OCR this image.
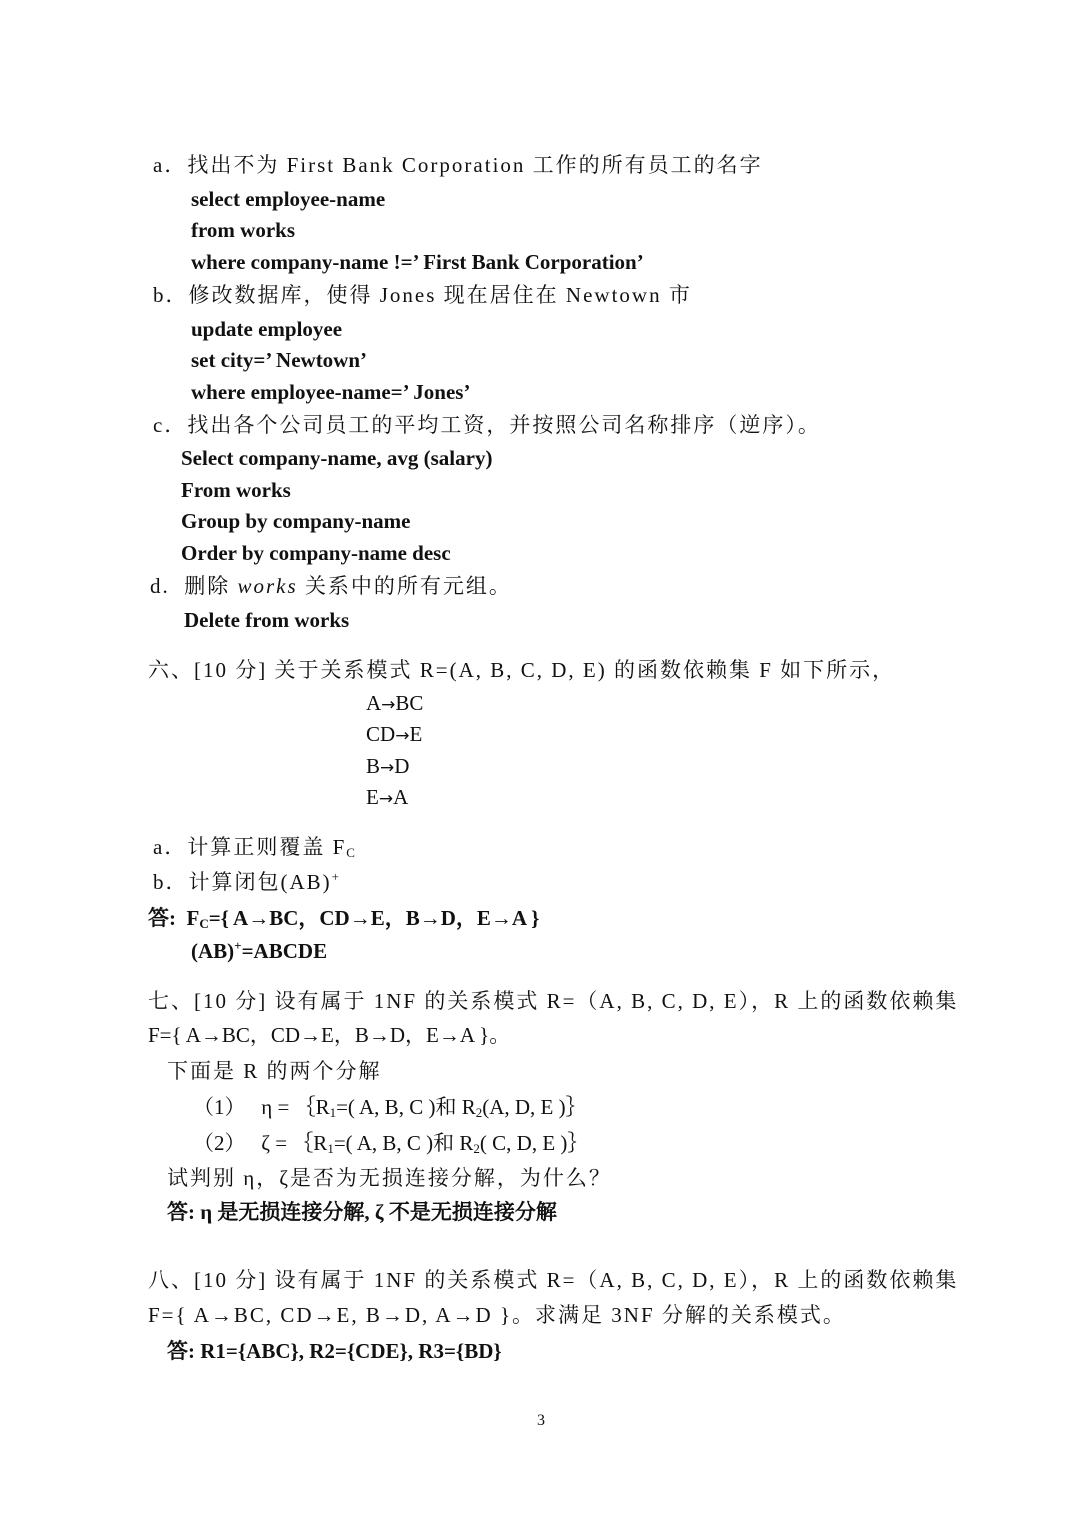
a．找出不为 First Bank Corporation 工作的所有员工的名字
select employee-name
from works
where company-name !=’ First Bank Corporation’
b．修改数据库，使得 Jones 现在居住在 Newtown 市
update employee
set city=’ Newtown’
where employee-name=’ Jones’
c．找出各个公司员工的平均工资，并按照公司名称排序（逆序）。
Select company-name, avg (salary)
From works
Group by company-name
Order by company-name desc
d. 删除 works 关系中的所有元组。
Delete from works
六、[10 分] 关于关系模式 R=(A, B, C, D, E) 的函数依赖集 F 如下所示，
A→BC
CD→E
B→D
E→A
a．计算正则覆盖 $F_C$
b．计算闭包(AB)+
答: $F_C=${ A→BC，CD→E，B→D，E→A }
(AB)+=ABCDE
七、[10 分] 设有属于 1NF 的关系模式 R=（A, B, C, D, E），R 上的函数依赖集
F={ A→BC，CD→E，B→D，E→A }。
下面是 R 的两个分解
（1） $\eta = \{R_1=$( A, B, C )和 $R_2(A$, D, E )｝
（2） $\zeta = \{R_1=$( A, B, C )和 $R_2$( C, D, E )｝
试判别 η，ζ是否为无损连接分解，为什么？
答: η 是无损连接分解, ζ 不是无损连接分解
八、[10 分] 设有属于 1NF 的关系模式 R=（A, B, C, D, E），R 上的函数依赖集
F={ A→BC, CD→E, B→D, A→D }。求满足 3NF 分解的关系模式。
答: R1={ABC}, R2={CDE}, R3={BD}
3
